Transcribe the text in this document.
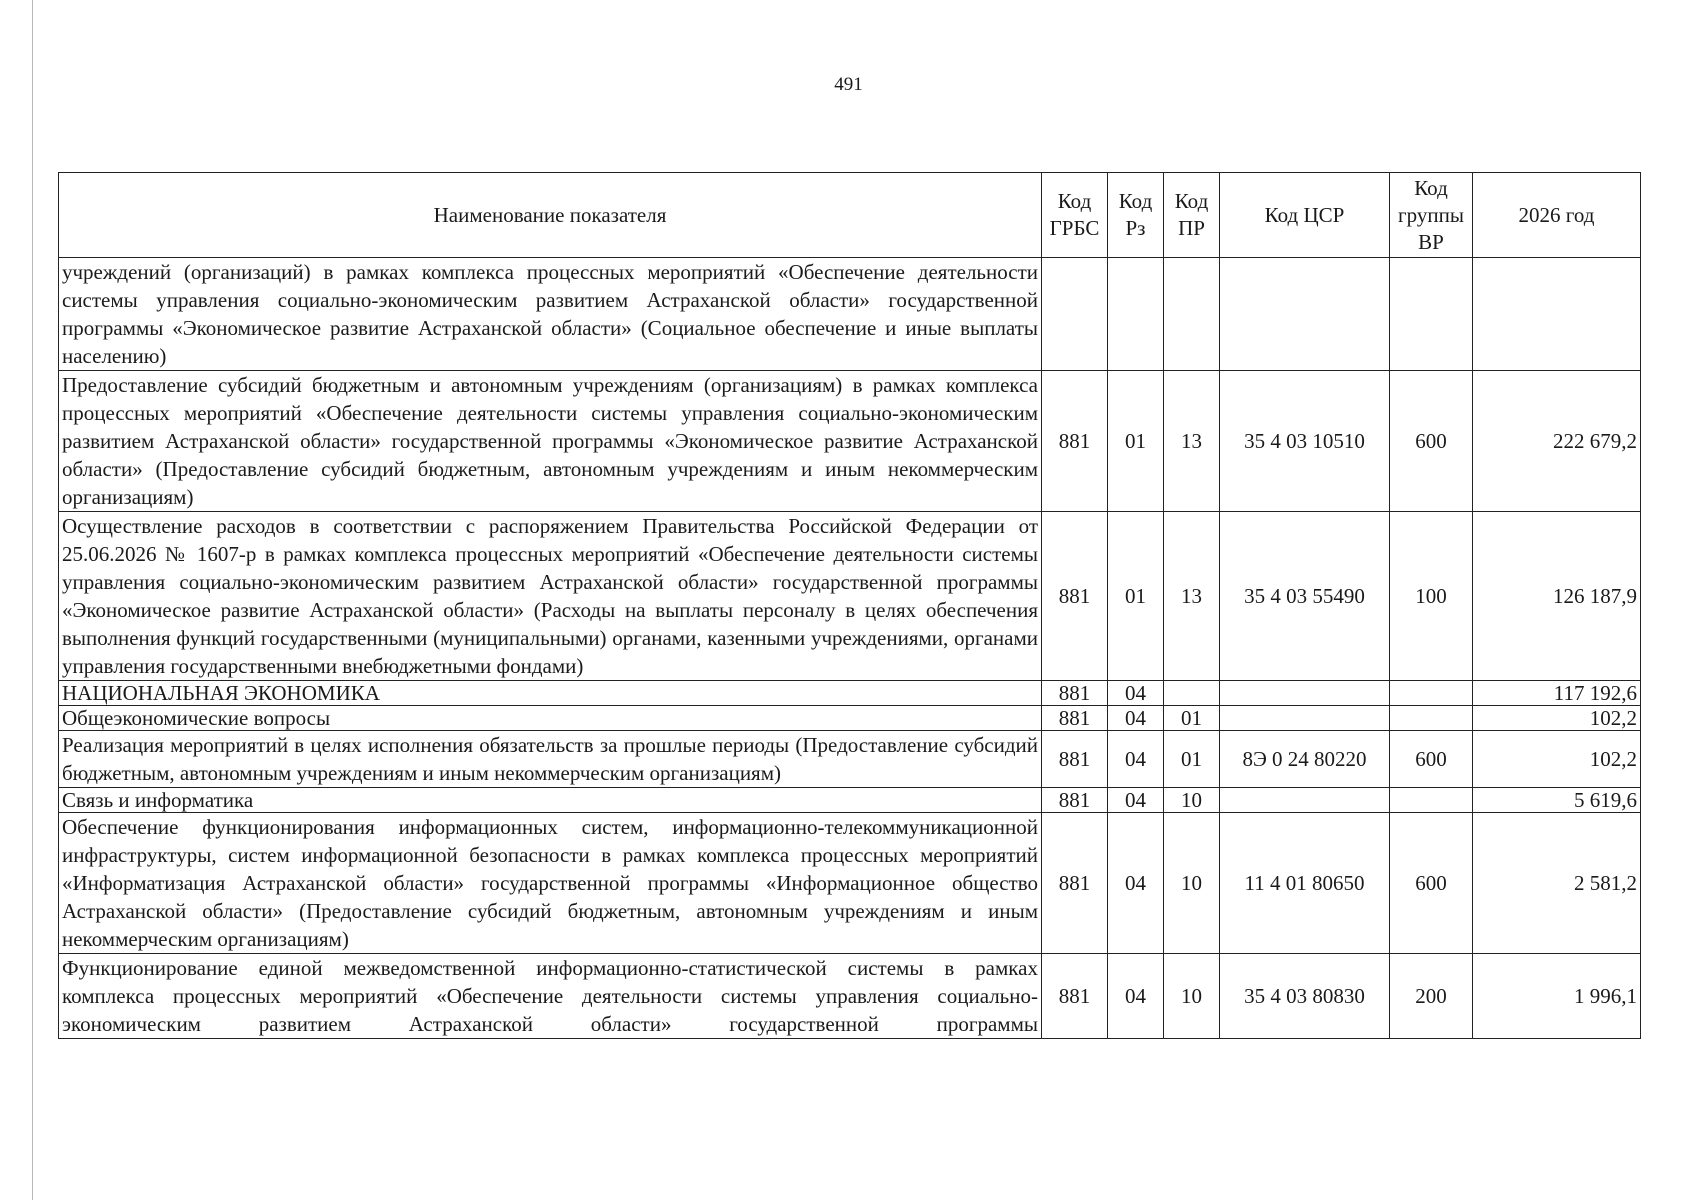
491
Наименование показателя	Код ГРБС	Код Рз	Код ПР	Код ЦСР	Код группы ВР	2026 год
учреждений (организаций) в рамках комплекса процессных мероприятий «Обеспечение деятельности системы управления социально-экономическим развитием Астраханской области» государственной программы «Экономическое развитие Астраханской области» (Социальное обеспечение и иные выплаты населению)						
Предоставление субсидий бюджетным и автономным учреждениям (организациям) в рамках комплекса процессных мероприятий «Обеспечение деятельности системы управления социально-экономическим развитием Астраханской области» государственной программы «Экономическое развитие Астраханской области» (Предоставление субсидий бюджетным, автономным учреждениям и иным некоммерческим организациям)	881	01	13	35 4 03 10510	600	222 679,2
Осуществление расходов в соответствии с распоряжением Правительства Российской Федерации от 25.06.2026 № 1607-р в рамках комплекса процессных мероприятий «Обеспечение деятельности системы управления социально-экономическим развитием Астраханской области» государственной программы «Экономическое развитие Астраханской области» (Расходы на выплаты персоналу в целях обеспечения выполнения функций государственными (муниципальными) органами, казенными учреждениями, органами управления государственными внебюджетными фондами)	881	01	13	35 4 03 55490	100	126 187,9
НАЦИОНАЛЬНАЯ ЭКОНОМИКА	881	04				117 192,6
Общеэкономические вопросы	881	04	01			102,2
Реализация мероприятий в целях исполнения обязательств за прошлые периоды (Предоставление субсидий бюджетным, автономным учреждениям и иным некоммерческим организациям)	881	04	01	8Э 0 24 80220	600	102,2
Связь и информатика	881	04	10			5 619,6
Обеспечение функционирования информационных систем, информационно-телекоммуникационной инфраструктуры, систем информационной безопасности в рамках комплекса процессных мероприятий «Информатизация Астраханской области» государственной программы «Информационное общество Астраханской области» (Предоставление субсидий бюджетным, автономным учреждениям и иным некоммерческим организациям)	881	04	10	11 4 01 80650	600	2 581,2
Функционирование единой межведомственной информационно-статистической системы в рамках комплекса процессных мероприятий «Обеспечение деятельности системы управления социально-экономическим развитием Астраханской области» государственной программы	881	04	10	35 4 03 80830	200	1 996,1
